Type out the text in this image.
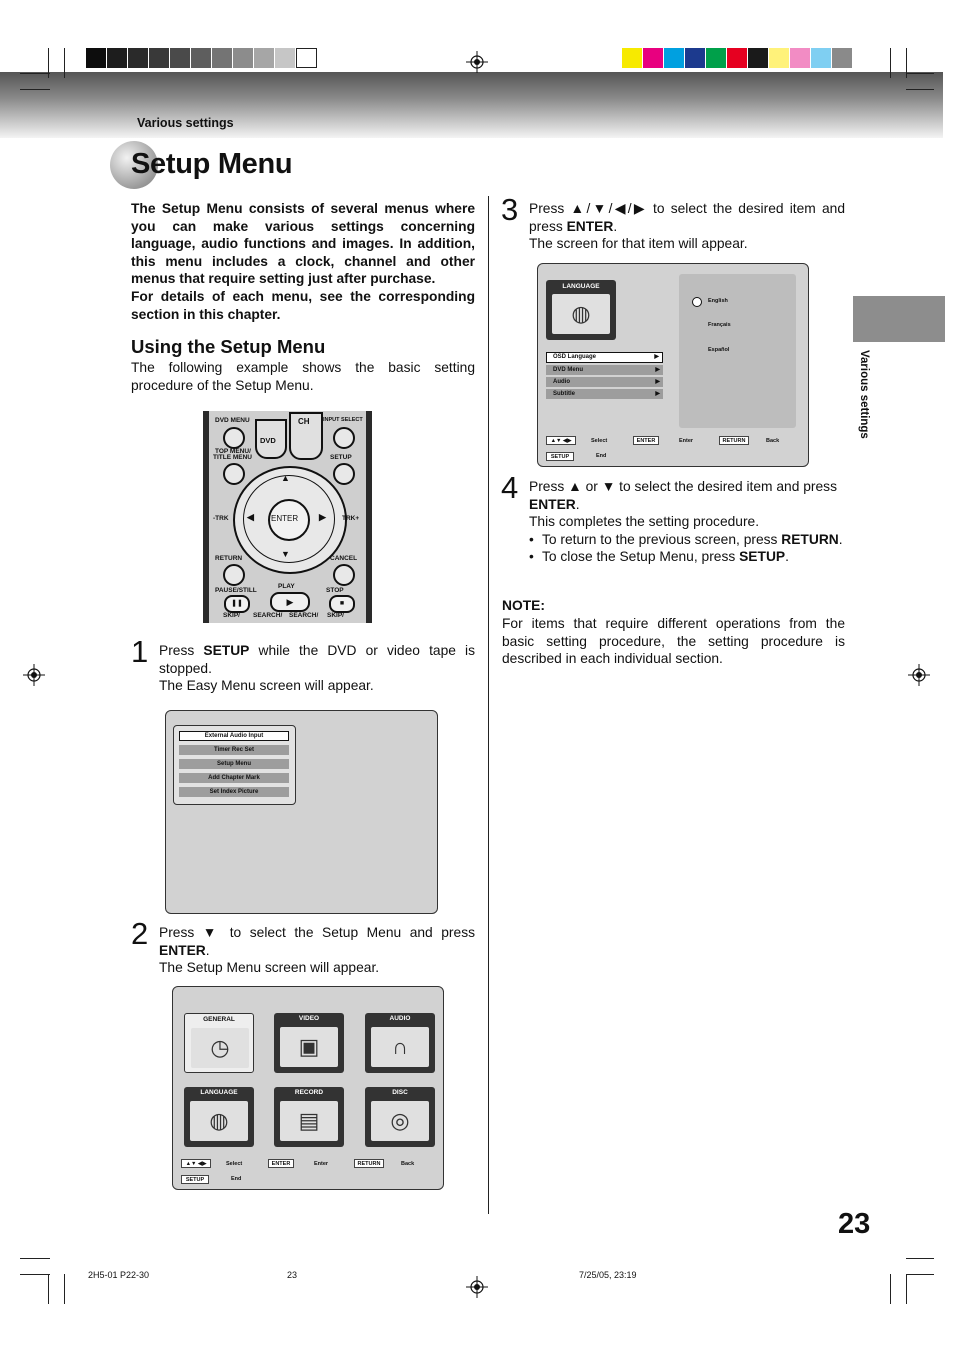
Various settings
Various settings
Setup Menu
The Setup Menu consists of several menus where you can make various settings concerning language, audio functions and images. In addition, this menu includes a clock, channel and other menus that require setting just after purchase.
For details of each menu, see the corresponding section in this chapter.
Using the Setup Menu
The following example shows the basic setting procedure of the Setup Menu.
DVD MENU
DVD
CH INPUT SELECT
TOP MENU/
TITLE MENU	SETUP
ENTER
▲
▼
◀	▶
-TRK	TRK+
RETURN	CANCEL
PLAY
▶
PAUSE/STILL	STOP
❚❚	■
SKIP/ SEARCH/ SEARCH/ SKIP/
1 Press SETUP while the DVD or video tape is stopped.
The Easy Menu screen will appear.
External Audio Input
Timer Rec Set
Setup Menu
Add Chapter Mark
Set Index Picture
2 Press ▼ to select the Setup Menu and press ENTER.
The Setup Menu screen will appear.
GENERAL
◷
VIDEO
▣
AUDIO
∩
LANGUAGE
◍
RECORD
▤
DISC
◎
▲▼ ◀▶	Select	ENTER	Enter	RETURN	Back
SETUP	End
3 Press ▲/▼/◀/▶ to select the desired item and press ENTER.
The screen for that item will appear.
LANGUAGE
◍	English
Français
Español
OSD Language	▶
DVD Menu	▶
Audio	▶
Subtitle	▶
▲▼ ◀▶	Select	ENTER	Enter	RETURN	Back
SETUP	End
4 Press ▲ or ▼ to select the desired item and press ENTER.
This completes the setting procedure.
• To return to the previous screen, press RETURN.
• To close the Setup Menu, press SETUP.
NOTE:
For items that require different operations from the basic setting procedure, the setting procedure is described in each individual section.
23
2H5-01 P22-30	23	7/25/05, 23:19
